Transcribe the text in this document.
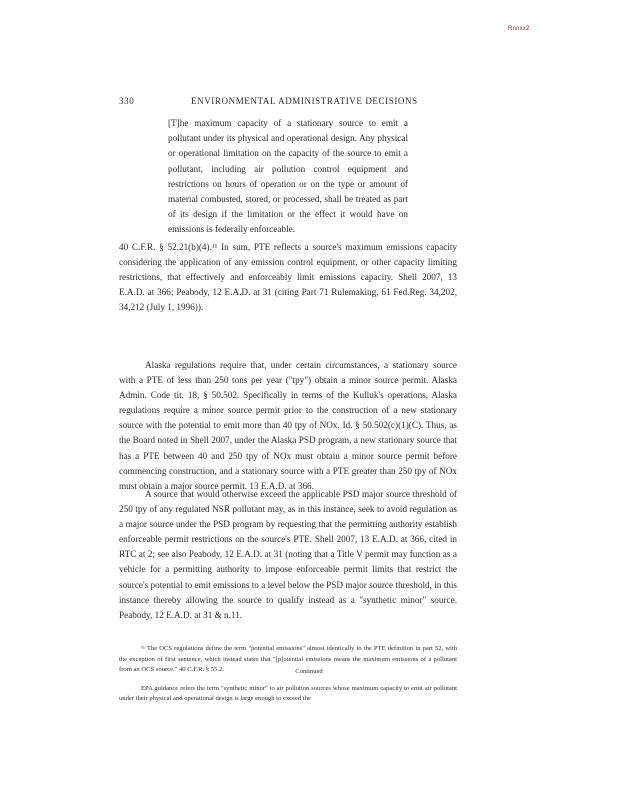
Rnnxx2
330	ENVIRONMENTAL ADMINISTRATIVE DECISIONS
[T]he maximum capacity of a stationary source to emit a pollutant under its physical and operational design. Any physical or operational limitation on the capacity of the source to emit a pollutant, including air pollution control equipment and restrictions on hours of operation or on the type or amount of material combusted, stored, or processed, shall be treated as part of its design if the limitation or the effect it would have on emissions is federally enforceable.

40 C.F.R. § 52.21(b)(4).¹¹ In sum, PTE reflects a source's maximum emissions capacity considering the application of any emission control equipment, or other capacity limiting restrictions, that effectively and enforceably limit emissions capacity. Shell 2007, 13 E.A.D. at 366; Peabody, 12 E.A.D. at 31 (citing Part 71 Rulemaking, 61 Fed.Reg. 34,202, 34,212 (July 1, 1996)).

Alaska regulations require that, under certain circumstances, a stationary source with a PTE of less than 250 tons per year ("tpy") obtain a minor source permit. Alaska Admin. Code tit. 18, § 50.502. Specifically in terms of the Kulluk's operations, Alaska regulations require a minor source permit prior to the construction of a new stationary source with the potential to emit more than 40 tpy of NOx. Id. § 50.502(c)(1)(C). Thus, as the Board noted in Shell 2007, under the Alaska PSD program, a new stationary source that has a PTE between 40 and 250 tpy of NOx must obtain a minor source permit before commencing construction, and a stationary source with a PTE greater than 250 tpy of NOx must obtain a major source permit. 13 E.A.D. at 366.

A source that would otherwise exceed the applicable PSD major source threshold of 250 tpy of any regulated NSR pollutant may, as in this instance, seek to avoid regulation as a major source under the PSD program by requesting that the permitting authority establish enforceable permit restrictions on the source's PTE. Shell 2007, 13 E.A.D. at 366, cited in RTC at 2; see also Peabody, 12 E.A.D. at 31 (noting that a Title V permit may function as a vehicle for a permitting authority to impose enforceable permit limits that restrict the source's potential to emit emissions to a level below the PSD major source threshold, in this instance thereby allowing the source to qualify instead as a "synthetic minor" source. Peabody, 12 E.A.D. at 31 & n.11.

¹¹ The OCS regulations define the term "potential emissions" almost identically to the PTE definition in part 52, with the exception of first sentence, which instead states that "[p]otential emissions means the maximum emissions of a pollutant from an OCS source." 40 C.F.R. § 55.2.

EPA guidance refers the term "synthetic minor" to air pollution sources whose maximum capacity to emit air pollutant under their physical and operational design is large enough to exceed the

Continued
